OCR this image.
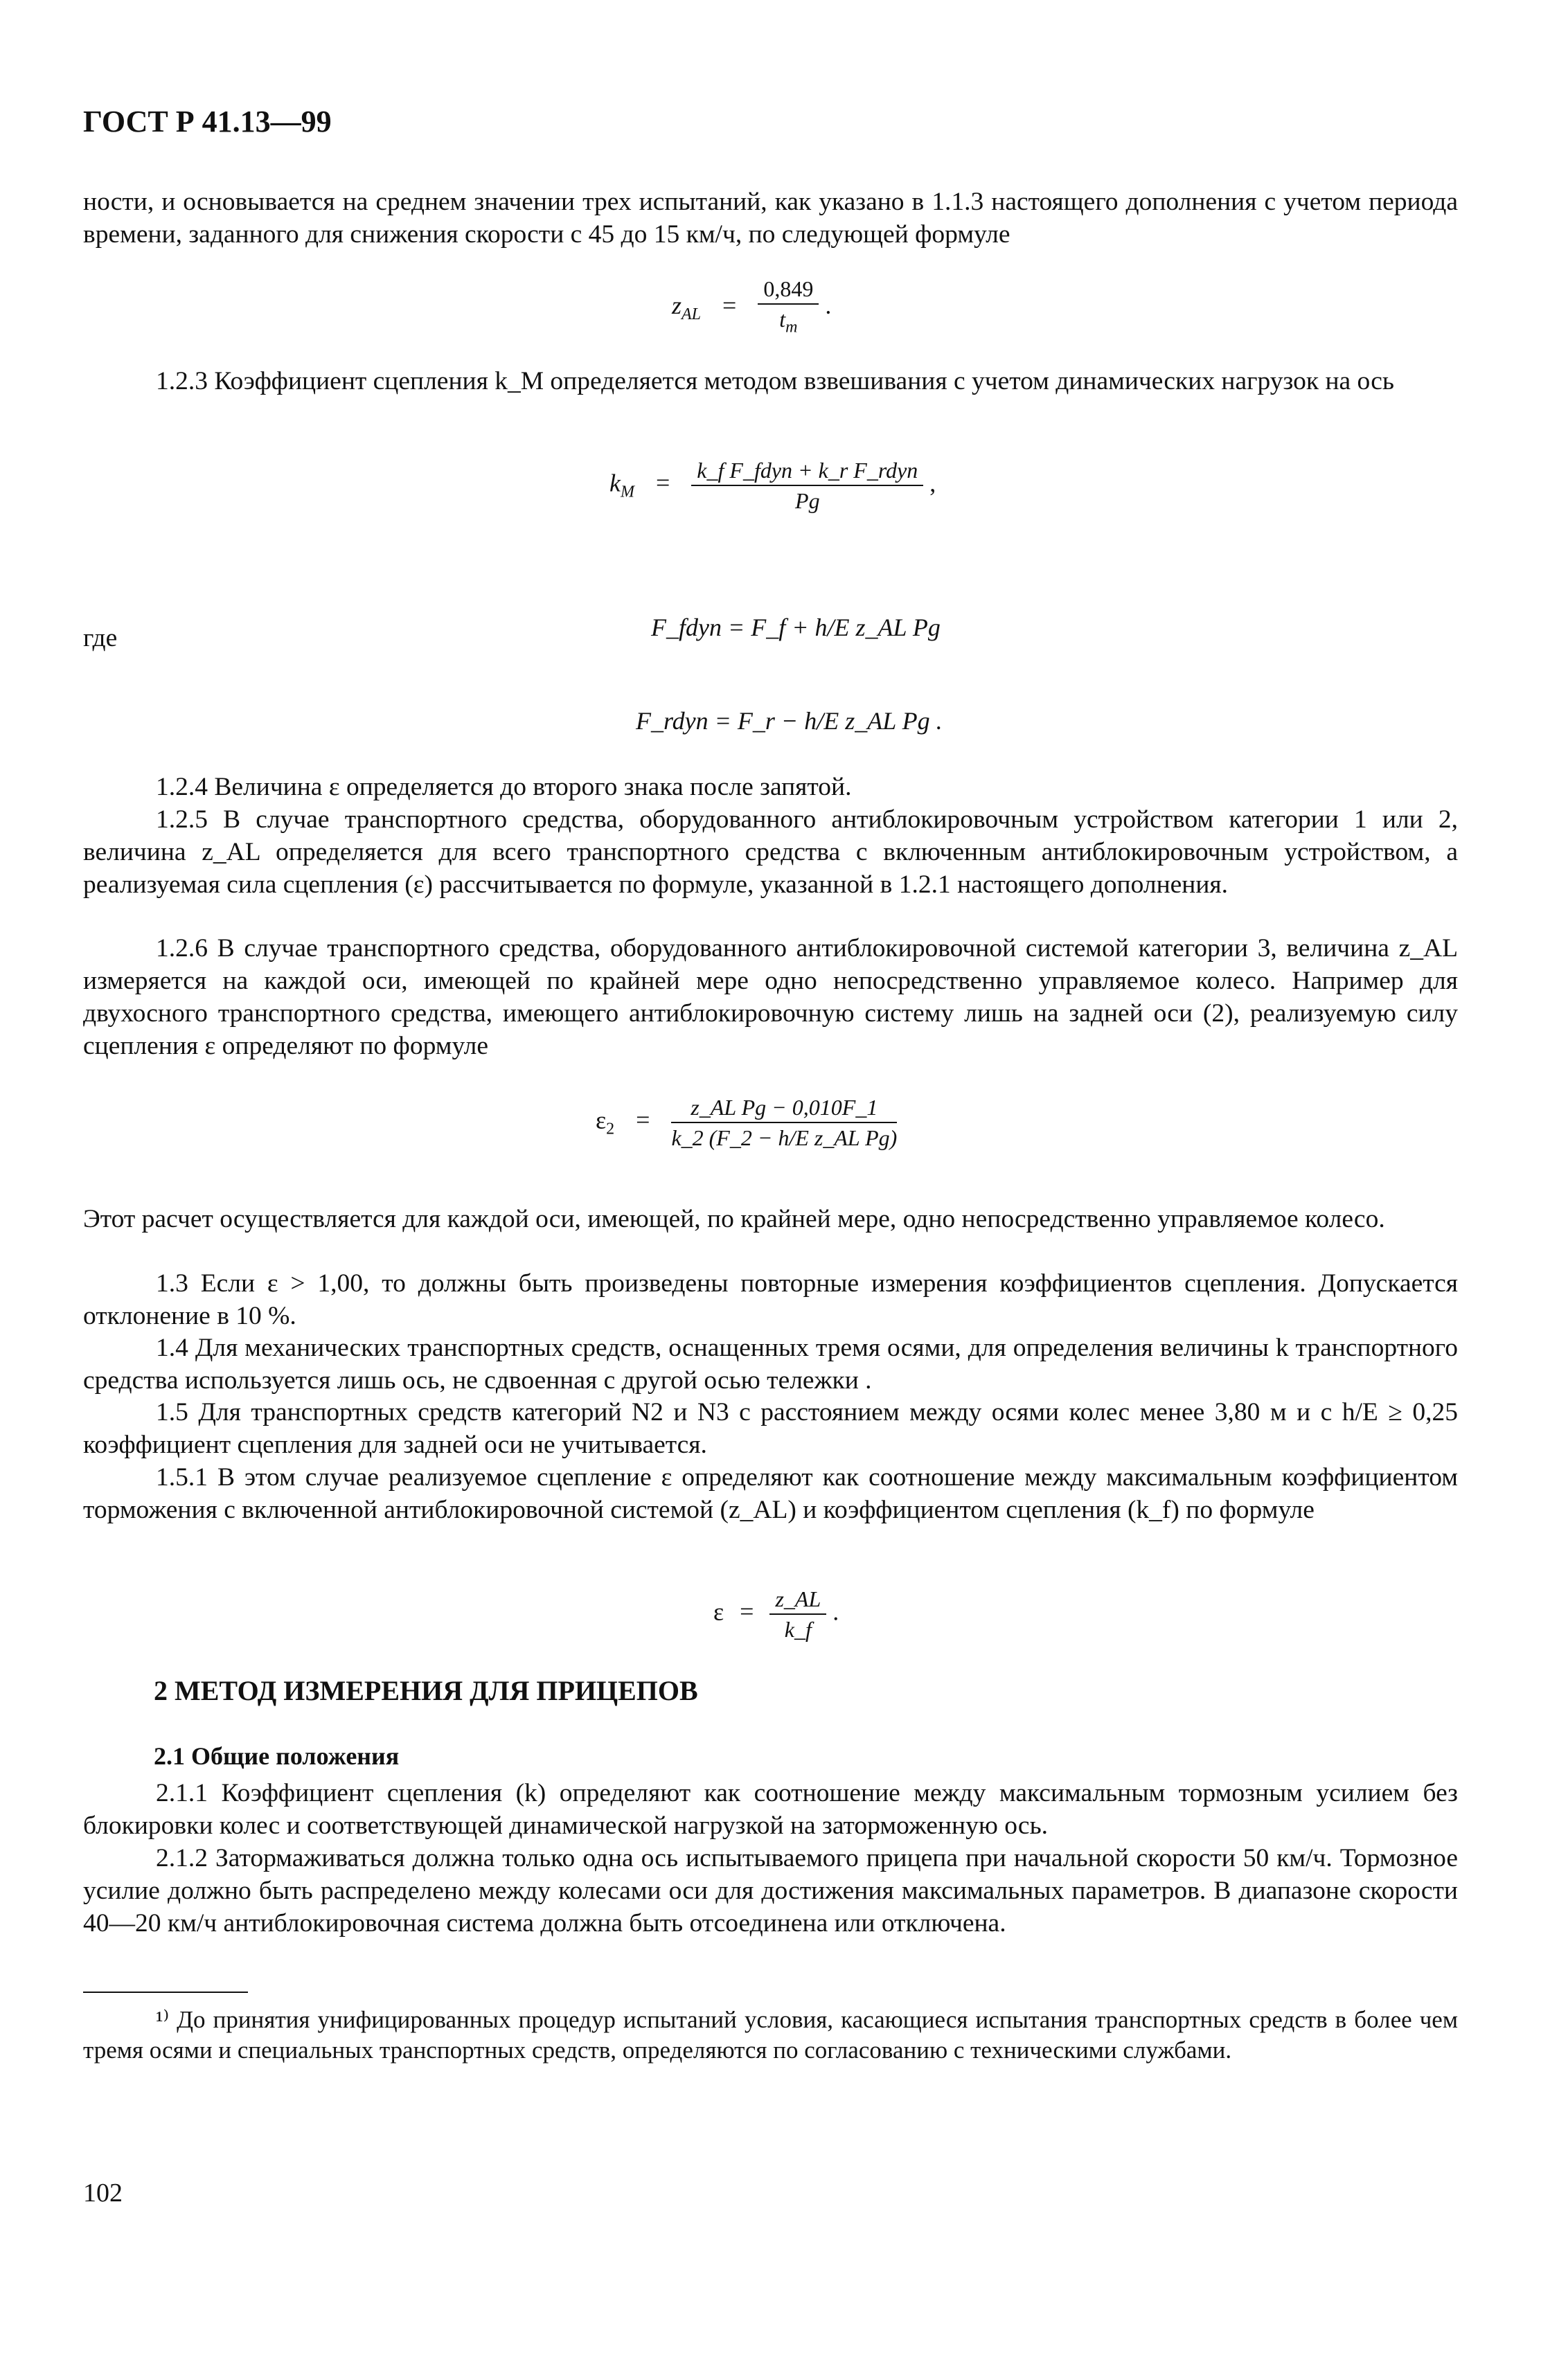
ГОСТ Р 41.13—99
ности, и основывается на среднем значении трех испытаний, как указано в 1.1.3 настоящего дополнения с учетом периода времени, заданного для снижения скорости с 45 до 15 км/ч, по следующей формуле
$z_{AL} = \frac{0,849}{t_m}$ .
1.2.3 Коэффициент сцепления k_M определяется методом взвешивания с учетом динамических нагрузок на ось
$k_M = \frac{\text{k\_f F\_fdyn + k\_r F\_rdyn}}{Pg}$ ,
где	F_fdyn = F_f + h/E z_AL Pg
F_rdyn = F_r − h/E z_AL Pg .
1.2.4 Величина ε определяется до второго знака после запятой.
1.2.5 В случае транспортного средства, оборудованного антиблокировочным устройством категории 1 или 2, величина z_AL определяется для всего транспортного средства с включенным антиблокировочным устройством, а реализуемая сила сцепления (ε) рассчитывается по формуле, указанной в 1.2.1 настоящего дополнения.
1.2.6 В случае транспортного средства, оборудованного антиблокировочной системой категории 3, величина z_AL измеряется на каждой оси, имеющей по крайней мере одно непосредственно управляемое колесо. Например для двухосного транспортного средства, имеющего антиблокировочную систему лишь на задней оси (2), реализуемую силу сцепления ε определяют по формуле
$\varepsilon_2 = \frac{\text{z\_AL Pg − 0,010F\_1}}{\text{k\_2 (F\_2 − h/E z\_AL Pg)}}$
Этот расчет осуществляется для каждой оси, имеющей, по крайней мере, одно непосредственно управляемое колесо.
1.3 Если ε > 1,00, то должны быть произведены повторные измерения коэффициентов сцепления. Допускается отклонение в 10 %.
1.4 Для механических транспортных средств, оснащенных тремя осями, для определения величины k транспортного средства используется лишь ось, не сдвоенная с другой осью тележки .
1.5 Для транспортных средств категорий N2 и N3 с расстоянием между осями колес менее 3,80 м и с h/E ≥ 0,25 коэффициент сцепления для задней оси не учитывается.
1.5.1 В этом случае реализуемое сцепление ε определяют как соотношение между максимальным коэффициентом торможения с включенной антиблокировочной системой (z_AL) и коэффициентом сцепления (k_f) по формуле
$\varepsilon = \frac{z\_AL}{k\_f}$ .
2 МЕТОД ИЗМЕРЕНИЯ ДЛЯ ПРИЦЕПОВ
2.1 Общие положения
2.1.1 Коэффициент сцепления (k) определяют как соотношение между максимальным тормозным усилием без блокировки колес и соответствующей динамической нагрузкой на заторможенную ось.
2.1.2 Затормаживаться должна только одна ось испытываемого прицепа при начальной скорости 50 км/ч. Тормозное усилие должно быть распределено между колесами оси для достижения максимальных параметров. В диапазоне скорости 40—20 км/ч антиблокировочная система должна быть отсоединена или отключена.
¹⁾ До принятия унифицированных процедур испытаний условия, касающиеся испытания транспортных средств в более чем тремя осями и специальных транспортных средств, определяются по согласованию с техническими службами.
102
